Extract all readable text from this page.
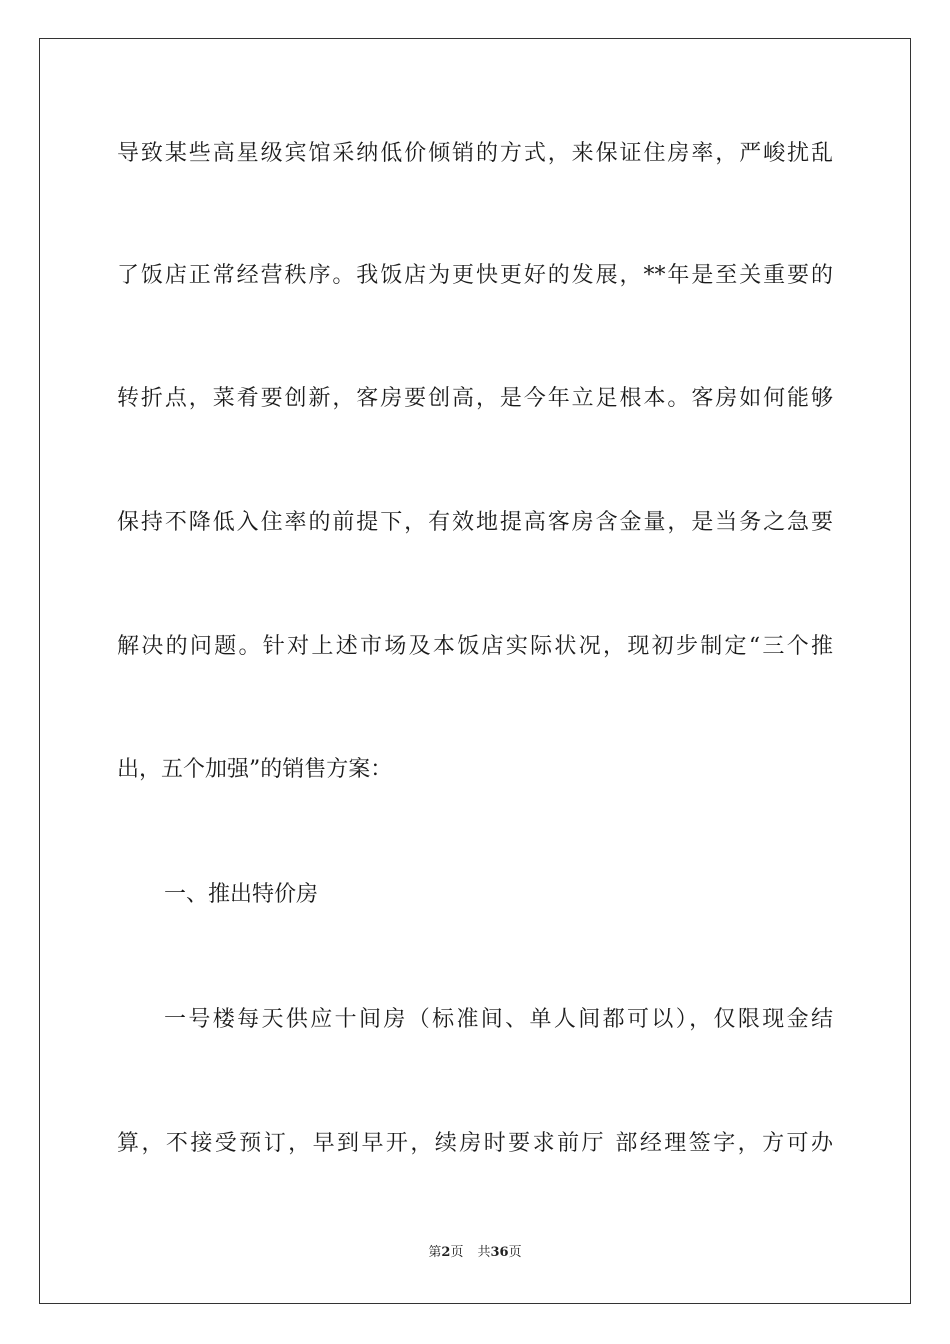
导致某些高星级宾馆采纳低价倾销的方式，来保证住房率，严峻扰乱
了饭店正常经营秩序。我饭店为更快更好的发展，**年是至关重要的
转折点，菜肴要创新，客房要创高，是今年立足根本。客房如何能够
保持不降低入住率的前提下，有效地提高客房含金量，是当务之急要
解决的问题。针对上述市场及本饭店实际状况，现初步制定“三个推
出，五个加强”的销售方案：
一、推出特价房
一号楼每天供应十间房（标准间、单人间都可以），仅限现金结
算，不接受预订，早到早开，续房时要求前厅 部经理签字，方可办
第2页 共36页
